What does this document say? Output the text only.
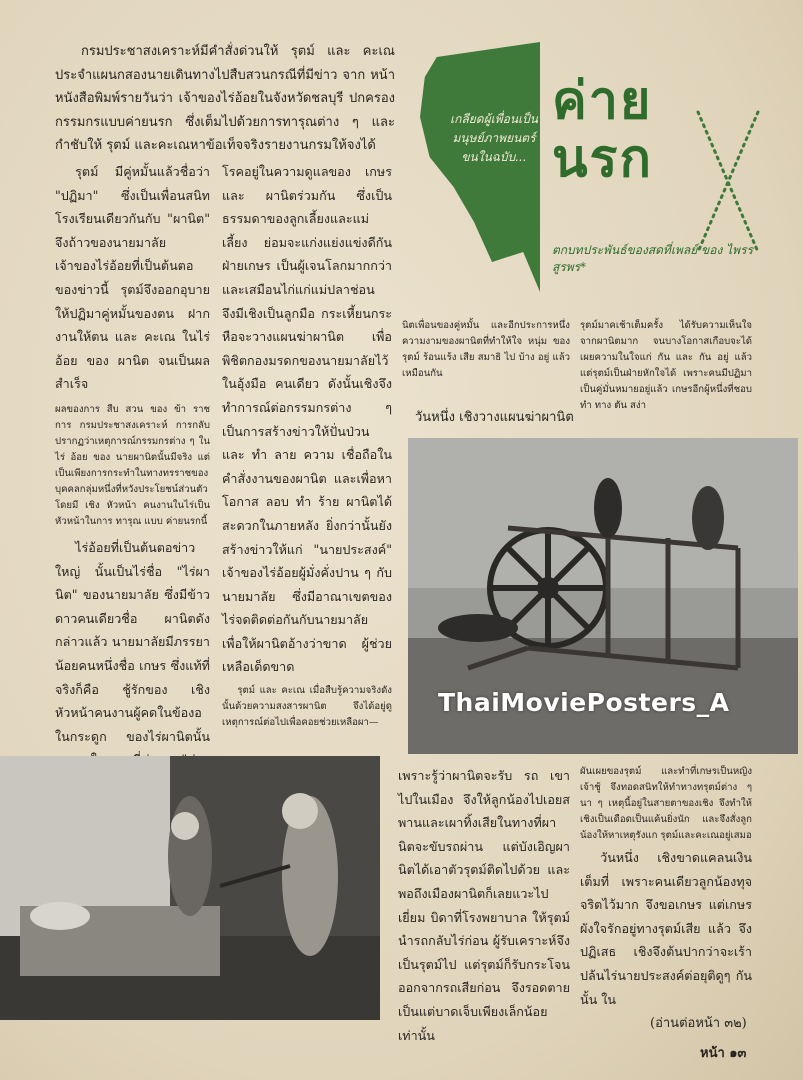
กรมประชาสงเคราะห์มีคำสั่งด่วนให้ รุตม์ และ คะเณ ประจำแผนกสองนายเดินทางไปสืบสวนกรณีที่มีข่าว จาก หน้าหนังสือพิมพ์รายวันว่า เจ้าของไร่อ้อยในจังหวัดชลบุรี ปกครองกรรมกรแบบค่ายนรก ซึ่งเต็มไปด้วยการทารุณต่าง ๆ และกำชับให้ รุตม์ และคะเณหาข้อเท็จจริงรายงานกรมให้จงได้
เกลียดผู้เพื่อนเป็นมนุษย์ภาพยนตร์ขนในฉบับ...
ค่ายนรก
ตกบทประพันธ์ของสดที่เพลย์ ของ ไพรร สูรพร*

รุตม์ มีคู่หมั้นแล้วชื่อว่า "ปฏิมา" ซึ่งเป็นเพื่อนสนิทโรงเรียนเดียวกันกับ "ผานิต" จึงถ้าวของนายมาลัย เจ้าของไร่อ้อยที่เป็นต้นตอของข่าวนี้ รุตม์จึงออกอุบายให้ปฏิมาคู่หมั้นของตน ฝากงานให้ตน และ คะเณ ในไร่อ้อย ของ ผานิต จนเป็นผลสำเร็จ

ผลของการ สืบ สวน ของ ข้า ราช การ กรมประชาสงเคราะห์ การกลับปรากฏว่าเหตุการณ์กรรมกรต่าง ๆ ในไร่ อ้อย ของ นายผานิตนั้นมีจริง แต่เป็นเพียงการกระทำในทางทรราชของบุคคลกลุ่มหนึ่งที่หวังประโยชน์ส่วนตัว โดยมี เชิง หัวหน้า คนงานในไร่เป็นหัวหน้าในการ ทารุณ แบบ ค่ายนรกนี้

ไร่อ้อยที่เป็นต้นตอข่าว ใหญ่ นั้นเป็นไร่ชื่อ "ไร่ผานิต" ของนายมาลัย ซึ่งมีข้าวดาวคนเดียวชื่อ ผานิตดังกล่าวแล้ว นายมาลัยมีภรรยาน้อยคนหนึ่งชื่อ เกษร ซึ่งแท้ที่จริงก็คือ ชู้รักของ เชิง หัวหน้าคนงานผู้คดในข้องอในกระดูก ของไร่ผานิตนั้น

โรคอยู่ในความดูแลของ เกษร และ ผานิตร่วมกัน ซึ่งเป็นธรรมดาของลูกเลี้ยงและแม่เลี้ยง ย่อมจะแก่งแย่งแข่งดีกัน ฝ่ายเกษร เป็นผู้เจนโลกมากกว่า และเสมือนไก่แก่แม่ปลาช่อน จึงมีเชิงเป็นลูกมือ กระเหี้ยนกระหือจะวางแผนฆ่าผานิต เพื่อพิชิตกองมรดกของนายมาลัยไว้ในอุ้งมือ คนเดียว ดังนั้นเชิงจึงทำการณ์ต่อกรรมกรต่าง ๆ เป็นการสร้างข่าวให้ปั่นป่วนและ ทำ ลาย ความ เชื่อถือในคำสั่งงานของผานิต และเพื่อหาโอกาส ลอบ ทำ ร้าย ผานิตได้สะดวกในภายหลัง ยิ่งกว่านั้นยังสร้างข่าวให้แก่ "นายประสงค์" เจ้าของไร่อ้อยผู้มั่งคั่งปาน ๆ กับนายมาลัย ซึ่งมีอาณาเขตของไร่จดติดต่อกันกับนายมาลัย เพื่อให้ผานิตอ้างว่าขาด ผู้ช่วย เหลือเด็ดขาด

รุตม์ และ คะเณ เมื่อสืบรู้ความจริงดังนั้นด้วยความสงสารผานิต จึงได้อยู่ดูเหตุการณ์ต่อไปเพื่อคอยช่วยเหลือผา—

นิตเพื่อนของคู่หมั้น และอีกประการหนึ่ง ความงามของผานิตที่ทำให้ใจ หนุ่ม ของ รุตม์ ร้อนแร้ง เสีย สมาธิ ไป บ้าง อยู่ แล้ว เหมือนกัน
รุตม์มาคเช้าเต็มครั้ง ได้รับความเห็นใจจากผานิตมาก จนบางโอกาสเกือบจะได้เผยความในใจแก่ กัน และ กัน อยู่ แล้ว แต่รุตม์เป็นฝ่ายหักใจได้ เพราะคนมีปฏิมาเป็นคู่มั่นหมายอยู่แล้ว เกษรอีกผู้หนึ่งที่ชอบทำ ทาง ตัน สง่า
วันหนึ่ง เชิงวางแผนฆ่าผานิต
ThaiMoviePosters_A

เพราะรู้ว่าผานิตจะรับ รถ เขา ไปในเมือง จึงให้ลูกน้องไปเอยสพานและเผาทิ้งเสียในทางที่ผานิตจะขับรถผ่าน แต่บังเอิญผานิตได้เอาตัวรุตม์ติดไปด้วย และพอถึงเมืองผานิตก็เลยแวะไป เยี่ยม บิดาที่โรงพยาบาล ให้รุตม์นำรถกลับไร่ก่อน ผู้รับเคราะห์จึงเป็นรุตม์ไป แต่รุตม์ก็รับกระโจนออกจากรถเสียก่อน จึงรอดตาย เป็นแต่บาดเจ็บเพียงเล็กน้อยเท่านั้น

ผันเผยของรุตม์ และทำที่เกษรเป็นหญิงเจ้าชู้ จึงทอดสนิทให้ทำทางทรุตม์ต่าง ๆ นา ๆ เหตุนี้อยู่ในสายตาของเชิง จึงทำให้เชิงเป็นเดือดเป็นแค้นยิ่งนัก และจึงสั่งลูกน้องให้หาเหตุรังแก รุตม์และคะเณอยู่เสมอ

วันหนึ่ง เชิงขาดแคลนเงินเต็มที่ เพราะคนเดียวลูกน้องทุจจริตไว้มาก จึงขอเกษร แต่เกษรผังใจรักอยู่ทางรุตม์เสีย แล้ว จึง ปฏิเสธ เชิงจึงต้นปากว่าจะเร้าปล้นไร่นายประสงค์ต่อยุติดูๆ กันนั้น ใน

(อ่านต่อหน้า ๓๒)
หน้า ๑๓
